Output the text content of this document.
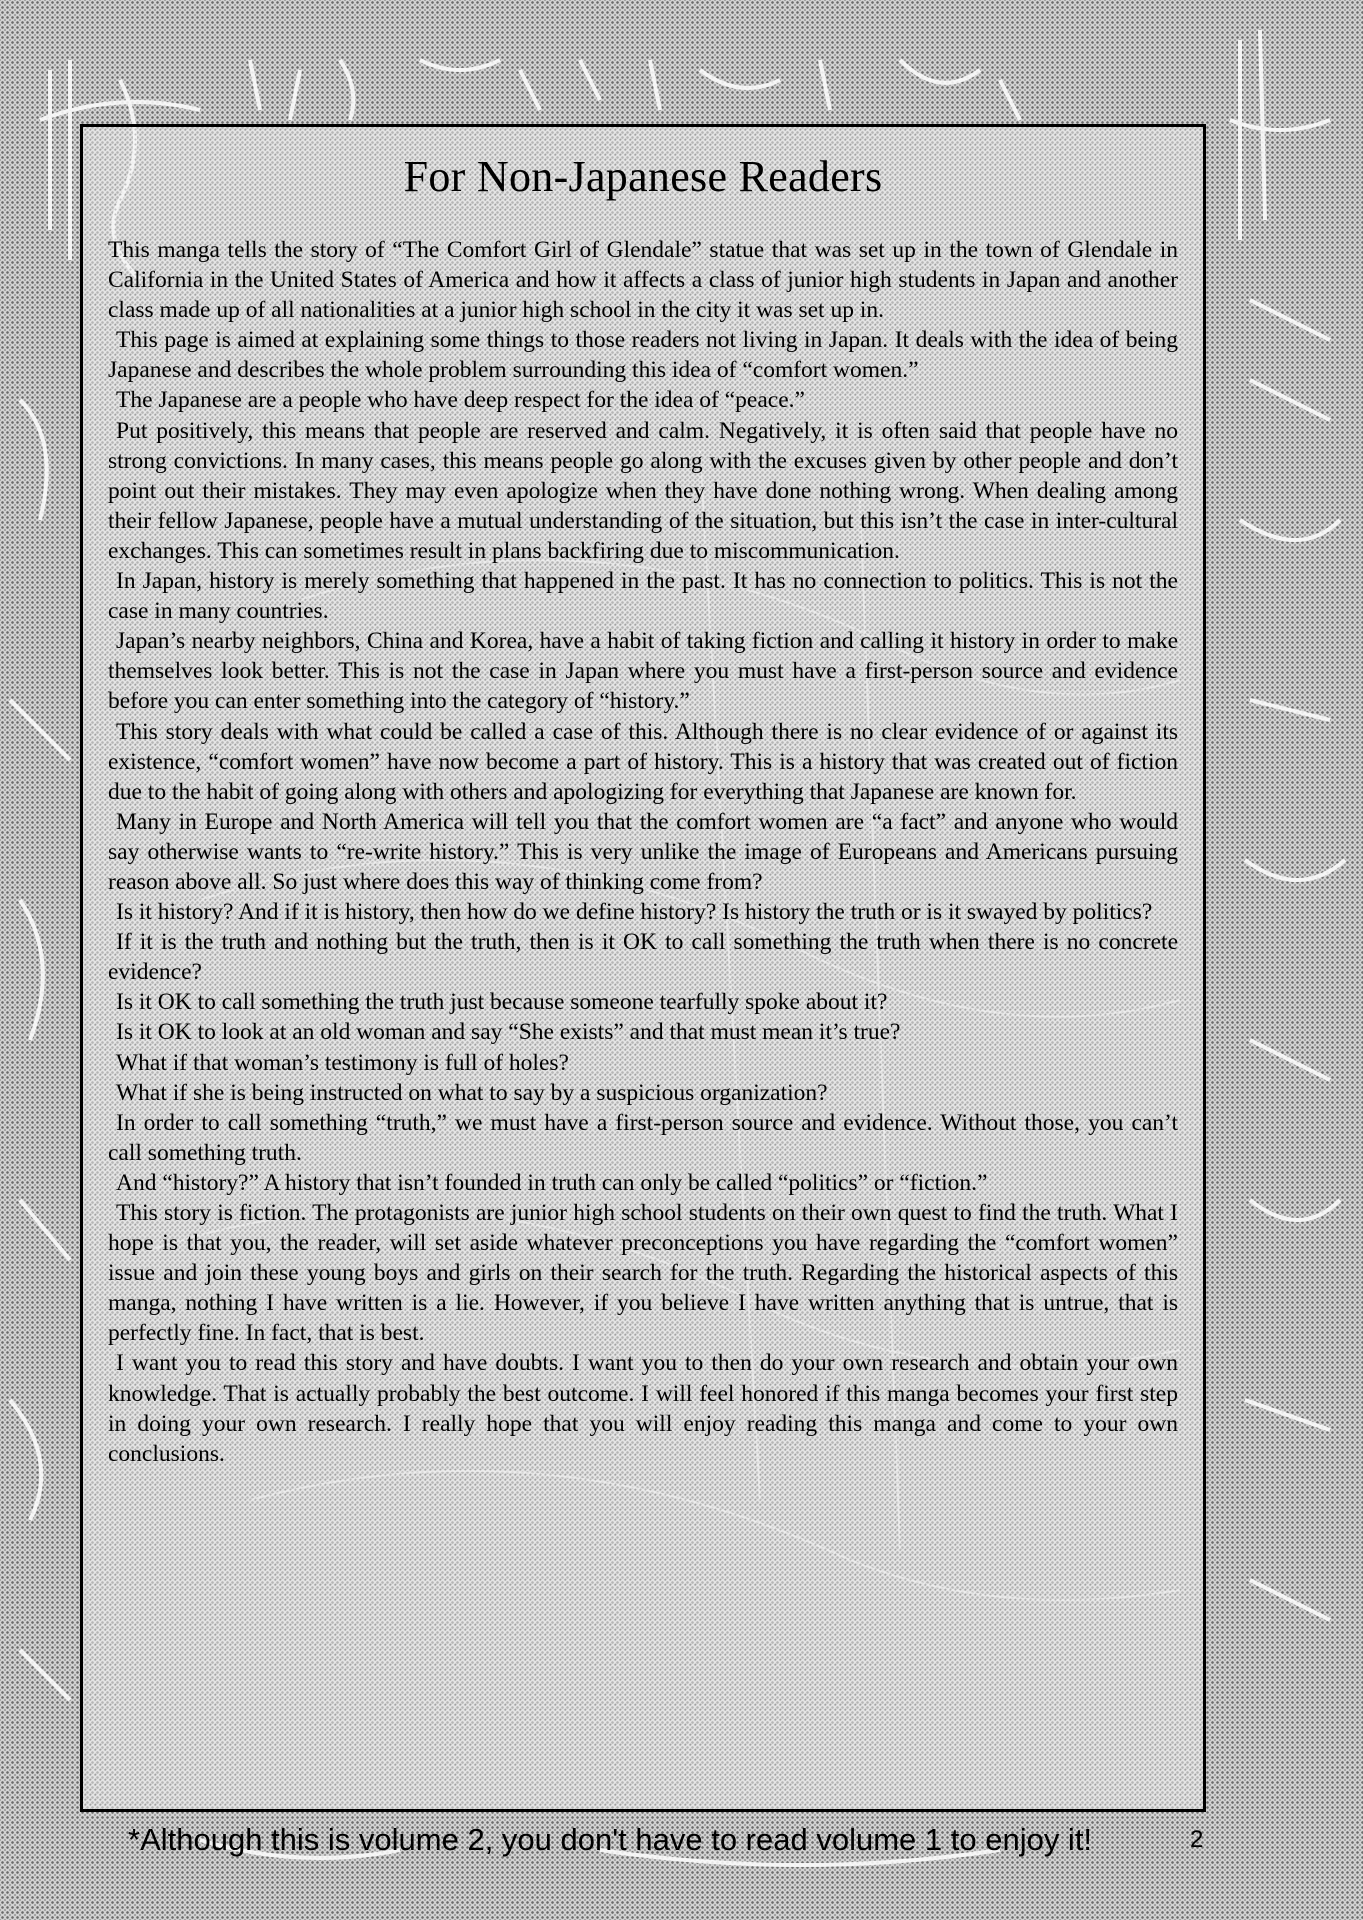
For Non-Japanese Readers

This manga tells the story of “The Comfort Girl of Glendale” statue that was set up in the town of Glendale in California in the United States of America and how it affects a class of junior high students in Japan and another class made up of all nationalities at a junior high school in the city it was set up in.

This page is aimed at explaining some things to those readers not living in Japan. It deals with the idea of being Japanese and describes the whole problem surrounding this idea of “comfort women.”

The Japanese are a people who have deep respect for the idea of “peace.”

Put positively, this means that people are reserved and calm. Negatively, it is often said that people have no strong convictions. In many cases, this means people go along with the excuses given by other people and don’t point out their mistakes. They may even apologize when they have done nothing wrong. When dealing among their fellow Japanese, people have a mutual understanding of the situation, but this isn’t the case in inter-cultural exchanges. This can sometimes result in plans backfiring due to miscommunication.

In Japan, history is merely something that happened in the past. It has no connection to politics. This is not the case in many countries.

Japan’s nearby neighbors, China and Korea, have a habit of taking fiction and calling it history in order to make themselves look better. This is not the case in Japan where you must have a first-person source and evidence before you can enter something into the category of “history.”

This story deals with what could be called a case of this. Although there is no clear evidence of or against its existence, “comfort women” have now become a part of history. This is a history that was created out of fiction due to the habit of going along with others and apologizing for everything that Japanese are known for.

Many in Europe and North America will tell you that the comfort women are “a fact” and anyone who would say otherwise wants to “re-write history.” This is very unlike the image of Europeans and Americans pursuing reason above all. So just where does this way of thinking come from?

Is it history? And if it is history, then how do we define history? Is history the truth or is it swayed by politics?

If it is the truth and nothing but the truth, then is it OK to call something the truth when there is no concrete evidence?

Is it OK to call something the truth just because someone tearfully spoke about it?

Is it OK to look at an old woman and say “She exists” and that must mean it’s true?

What if that woman’s testimony is full of holes?

What if she is being instructed on what to say by a suspicious organization?

In order to call something “truth,” we must have a first-person source and evidence. Without those, you can’t call something truth.

And “history?” A history that isn’t founded in truth can only be called “politics” or “fiction.”

This story is fiction. The protagonists are junior high school students on their own quest to find the truth. What I hope is that you, the reader, will set aside whatever preconceptions you have regarding the “comfort women” issue and join these young boys and girls on their search for the truth. Regarding the historical aspects of this manga, nothing I have written is a lie. However, if you believe I have written anything that is untrue, that is perfectly fine. In fact, that is best.

I want you to read this story and have doubts. I want you to then do your own research and obtain your own knowledge. That is actually probably the best outcome. I will feel honored if this manga becomes your first step in doing your own research. I really hope that you will enjoy reading this manga and come to your own conclusions.

*Although this is volume 2, you don't have to read volume 1 to enjoy it!	2
